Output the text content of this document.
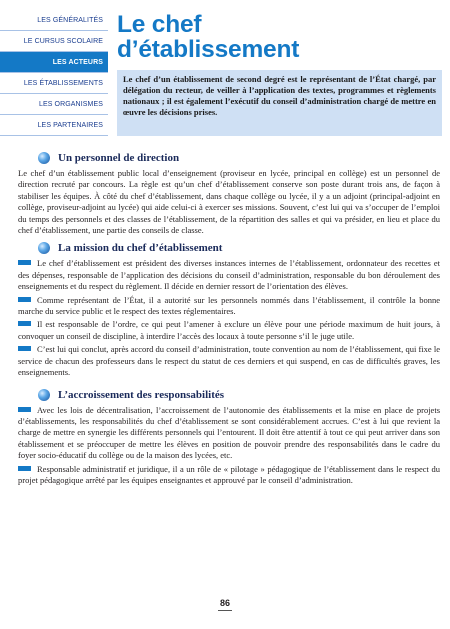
LES GÉNÉRALITÉS
LE CURSUS SCOLAIRE
LES ACTEURS
LES ÉTABLISSEMENTS
LES ORGANISMES
LES PARTENAIRES
Le chef
d’établissement

Le chef d’un établissement de second degré est le représentant de l’État chargé, par délégation du recteur, de veiller à l’application des textes, programmes et règlements nationaux ; il est également l’exécutif du conseil d’administration chargé de mettre en œuvre les décisions prises.

Un personnel de direction

Le chef d’un établissement public local d’enseignement (proviseur en lycée, principal en collège) est un personnel de direction recruté par concours. La règle est qu’un chef d’établissement conserve son poste durant trois ans, de façon à stabiliser les équipes. À côté du chef d’établissement, dans chaque collège ou lycée, il y a un adjoint (principal-adjoint en collège, proviseur-adjoint au lycée) qui aide celui-ci à exercer ses missions. Souvent, c’est lui qui va s’occuper de l’emploi du temps des personnels et des classes de l’établissement, de la répartition des salles et qui va présider, en lieu et place du chef d’établissement, une partie des conseils de classe.

La mission du chef d’établissement

Le chef d’établissement est président des diverses instances internes de l’établissement, ordonnateur des recettes et des dépenses, responsable de l’application des décisions du conseil d’administration, responsable du bon déroulement des enseignements et du respect du règlement. Il décide en dernier ressort de l’orientation des élèves.

Comme représentant de l’État, il a autorité sur les personnels nommés dans l’établissement, il contrôle la bonne marche du service public et le respect des textes réglementaires.

Il est responsable de l’ordre, ce qui peut l’amener à exclure un élève pour une période maximum de huit jours, à convoquer un conseil de discipline, à interdire l’accès des locaux à toute personne s’il le juge utile.

C’est lui qui conclut, après accord du conseil d’administration, toute convention au nom de l’établissement, qui fixe le service de chacun des professeurs dans le respect du statut de ces derniers et qui suspend, en cas de difficultés graves, les enseignements.

L’accroissement des responsabilités

Avec les lois de décentralisation, l’accroissement de l’autonomie des établissements et la mise en place de projets d’établissements, les responsabilités du chef d’établissement se sont considérablement accrues. C’est à lui que revient la charge de mettre en synergie les différents personnels qui l’entourent. Il doit être attentif à tout ce qui peut arriver dans son établissement et se préoccuper de mettre les élèves en position de pouvoir prendre des responsabilités dans le cadre du foyer socio-éducatif du collège ou de la maison des lycées, etc.

Responsable administratif et juridique, il a un rôle de « pilotage » pédagogique de l’établissement dans le respect du projet pédagogique arrêté par les équipes enseignantes et approuvé par le conseil d’administration.

86
